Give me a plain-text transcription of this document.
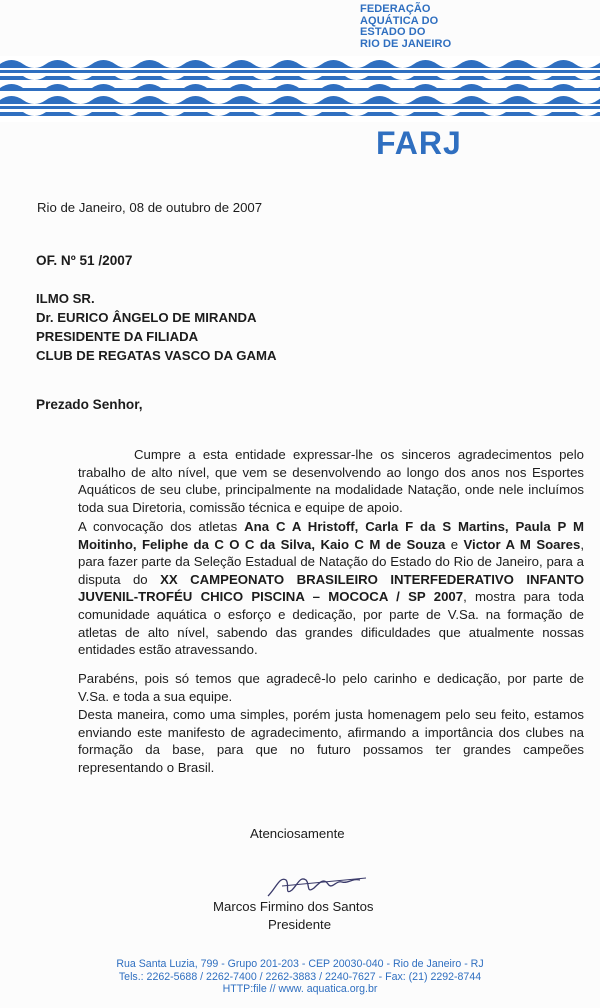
FEDERAÇÃO
AQUÁTICA DO
ESTADO DO
RIO DE JANEIRO
FARJ
Rio de Janeiro, 08 de outubro de 2007
OF. Nº 51 /2007
ILMO SR.
Dr. EURICO ÂNGELO DE MIRANDA
PRESIDENTE DA FILIADA
CLUB DE REGATAS VASCO DA GAMA
Prezado Senhor,
Cumpre a esta entidade expressar-lhe os sinceros agradecimentos pelo trabalho de alto nível, que vem se desenvolvendo ao longo dos anos nos Esportes Aquáticos de seu clube, principalmente na modalidade Natação, onde nele incluímos toda sua Diretoria, comissão técnica e equipe de apoio.
A convocação dos atletas Ana C A Hristoff, Carla F da S Martins, Paula P M Moitinho, Feliphe da C O C da Silva, Kaio C M de Souza e Victor A M Soares, para fazer parte da Seleção Estadual de Natação do Estado do Rio de Janeiro, para a disputa do XX CAMPEONATO BRASILEIRO INTERFEDERATIVO INFANTO JUVENIL-TROFÉU CHICO PISCINA – MOCOCA / SP 2007, mostra para toda comunidade aquática o esforço e dedicação, por parte de V.Sa. na formação de atletas de alto nível, sabendo das grandes dificuldades que atualmente nossas entidades estão atravessando.
Parabéns, pois só temos que agradecê-lo pelo carinho e dedicação, por parte de V.Sa. e toda a sua equipe.
Desta maneira, como uma simples, porém justa homenagem pelo seu feito, estamos enviando este manifesto de agradecimento, afirmando a importância dos clubes na formação da base, para que no futuro possamos ter grandes campeões representando o Brasil.
Atenciosamente
Marcos Firmino dos Santos
Presidente
Rua Santa Luzia, 799 - Grupo 201-203 - CEP 20030-040 - Rio de Janeiro - RJ
Tels.: 2262-5688 / 2262-7400 / 2262-3883 / 2240-7627 - Fax: (21) 2292-8744
HTTP:file // www. aquatica.org.br
